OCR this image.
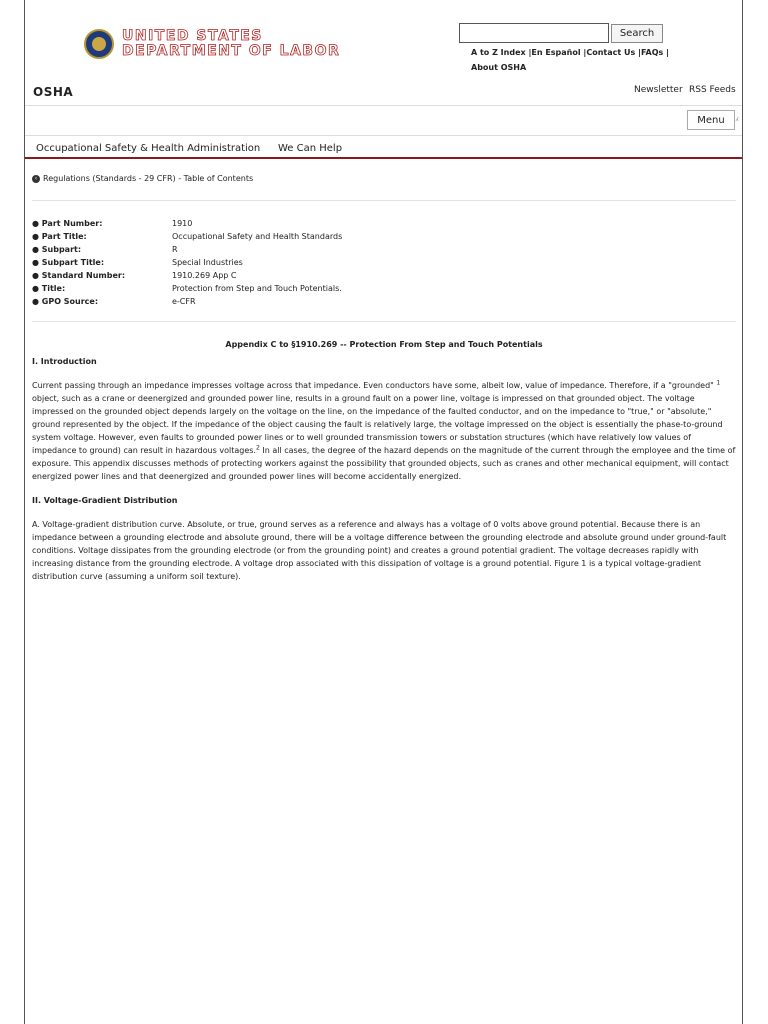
UNITED STATES
DEPARTMENT OF LABOR
Search
A to Z Index |En Español |Contact Us |FAQs |
About OSHA
OSHA	Newsletter RSS Feeds
Menu	⁁
Occupational Safety & Health Administration We Can Help
‹ Regulations (Standards - 29 CFR) - Table of Contents
● Part Number:	1910
● Part Title:	Occupational Safety and Health Standards
● Subpart:	R
● Subpart Title:	Special Industries
● Standard Number:	1910.269 App C
● Title:	Protection from Step and Touch Potentials.
● GPO Source:	e-CFR
Appendix C to §1910.269 -- Protection From Step and Touch Potentials
I. Introduction

Current passing through an impedance impresses voltage across that impedance. Even conductors have some, albeit low, value of impedance. Therefore, if a "grounded" $^1$ object, such as a crane or deenergized and grounded power line, results in a ground fault on a power line, voltage is impressed on that grounded object. The voltage impressed on the grounded object depends largely on the voltage on the line, on the impedance of the faulted conductor, and on the impedance to "true," or "absolute," ground represented by the object. If the impedance of the object causing the fault is relatively large, the voltage impressed on the object is essentially the phase-to-ground system voltage. However, even faults to grounded power lines or to well grounded transmission towers or substation structures (which have relatively low values of impedance to ground) can result in hazardous voltages.$^2$ In all cases, the degree of the hazard depends on the magnitude of the current through the employee and the time of exposure. This appendix discusses methods of protecting workers against the possibility that grounded objects, such as cranes and other mechanical equipment, will contact energized power lines and that deenergized and grounded power lines will become accidentally energized.

II. Voltage-Gradient Distribution

A. Voltage-gradient distribution curve. Absolute, or true, ground serves as a reference and always has a voltage of 0 volts above ground potential. Because there is an impedance between a grounding electrode and absolute ground, there will be a voltage difference between the grounding electrode and absolute ground under ground-fault conditions. Voltage dissipates from the grounding electrode (or from the grounding point) and creates a ground potential gradient. The voltage decreases rapidly with increasing distance from the grounding electrode. A voltage drop associated with this dissipation of voltage is a ground potential. Figure 1 is a typical voltage-gradient distribution curve (assuming a uniform soil texture).
